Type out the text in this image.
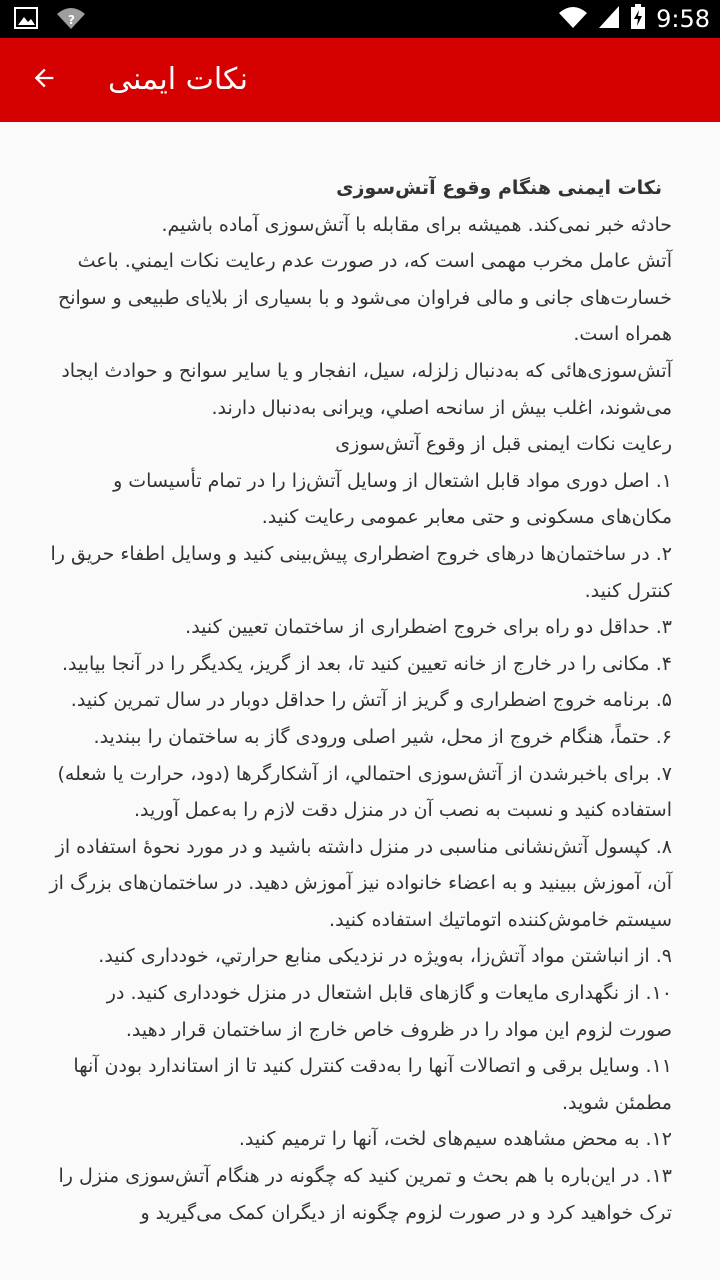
?	9:58
نکات ایمنی

نكات ايمنی هنگام وقوع آتش‌سوزی

حادثه خبر نمی‌كند. همیشه برای مقابله با آتش‌سوزی آماده باشیم.

آتش عامل مخرب مهمی است كه، در صورت عدم رعايت نكات ايمني. باعث خسارت‌های جانی و مالی فراوان می‌شود و با بسیاری از بلايای طبيعی و سوانح همراه است.

آتش‌سوزی‌هائی كه به‌دنبال زلزله، سیل، انفجار و يا ساير سوانح و حوادث ايجاد می‌شوند، اغلب بيش از سانحه اصلي، ويرانی به‌دنبال دارند.

رعايت نكات ايمنی قبل از وقوع آتش‌سوزی

۱. اصل دوری مواد قابل اشتعال از وسايل آتش‌زا را در تمام تأسيسات و مكان‌های مسكونی و حتی معابر عمومی رعايت كنيد.

۲. در ساختمان‌ها درهای خروج اضطراری پيش‌بينی كنيد و وسايل اطفاء حريق را كنترل كنيد.

۳. حداقل دو راه برای خروج اضطراری از ساختمان تعيين كنيد.

۴. مكانی را در خارج از خانه تعيين كنيد تا، بعد از گريز، يكديگر را در آنجا بيابيد.

۵. برنامه خروج اضطراری و گريز از آتش را حداقل دوبار در سال تمرين كنيد.

۶. حتماً، هنگام خروج از محل، شير اصلی ورودی گاز به ساختمان را ببنديد.

۷. برای باخبرشدن از آتش‌سوزی احتمالي، از آشكارگرها (دود، حرارت يا شعله) استفاده كنيد و نسبت به نصب آن در منزل دقت لازم را به‌عمل آوريد.

۸. كپسول آتش‌نشانی مناسبی در منزل داشته باشيد و در مورد نحوۀ استفاده از آن، آموزش ببينيد و به اعضاء خانواده نيز آموزش دهيد. در ساختمان‌های بزرگ از سيستم خاموش‌كننده اتوماتيك استفاده كنيد.

۹. از انباشتن مواد آتش‌زا، به‌ويژه در نزديكی منابع حرارتي، خودداری كنيد.

۱۰. از نگهداری مايعات و گازهای قابل اشتعال در منزل خودداری كنيد. در صورت لزوم اين مواد را در ظروف خاص خارج از ساختمان قرار دهيد.

۱۱. وسايل برقی و اتصالات آنها را به‌دقت كنترل كنيد تا از استاندارد بودن آنها مطمئن شويد.

۱۲. به محض مشاهده سيم‌های لخت، آنها را ترميم كنيد.

۱۳. در اين‌باره با هم بحث و تمرين كنيد كه چگونه در هنگام آتش‌سوزی منزل را ترک خواهيد كرد و در صورت لزوم چگونه از ديگران كمک می‌گيريد و
